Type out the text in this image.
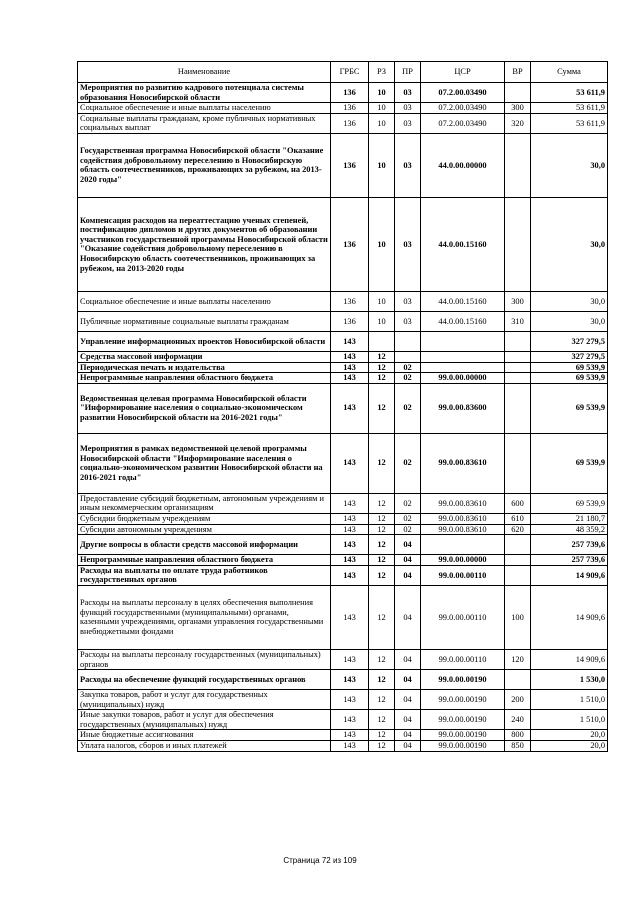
Наименование	ГРБС	РЗ	ПР	ЦСР	ВР	Сумма
Мероприятия по развитию кадрового потенциала системы образования Новосибирской области	136	10	03	07.2.00.03490		53 611,9
Социальное обеспечение и иные выплаты населению	136	10	03	07.2.00.03490	300	53 611,9
Социальные выплаты гражданам, кроме публичных нормативных социальных выплат	136	10	03	07.2.00.03490	320	53 611,9
Государственная программа Новосибирской области "Оказание содействия добровольному переселению в Новосибирскую область соотечественников, проживающих за рубежом, на 2013-2020 годы"	136	10	03	44.0.00.00000		30,0
Компенсация расходов на переаттестацию ученых степеней, постификацию дипломов и других документов об образовании участников государственной программы Новосибирской области "Оказание содействия добровольному переселению в Новосибирскую область соотечественников, проживающих за рубежом, на 2013-2020 годы	136	10	03	44.0.00.15160		30,0
Социальное обеспечение и иные выплаты населению	136	10	03	44.0.00.15160	300	30,0
Публичные нормативные социальные выплаты гражданам	136	10	03	44.0.00.15160	310	30,0
Управление информационных проектов Новосибирской области	143					327 279,5
Средства массовой информации	143	12				327 279,5
Периодическая печать и издательства	143	12	02			69 539,9
Непрограммные направления областного бюджета	143	12	02	99.0.00.00000		69 539,9
Ведомственная целевая программа Новосибирской области "Информирование населения о социально-экономическом развитии Новосибирской области на 2016-2021 годы"	143	12	02	99.0.00.83600		69 539,9
Мероприятия в рамках ведомственной целевой программы Новосибирской области "Информирование населения о социально-экономическом развитии Новосибирской области на 2016-2021 годы"	143	12	02	99.0.00.83610		69 539,9
Предоставление субсидий бюджетным, автономным учреждениям и иным некоммерческим организациям	143	12	02	99.0.00.83610	600	69 539,9
Субсидии бюджетным учреждениям	143	12	02	99.0.00.83610	610	21 180,7
Субсидии автономным учреждениям	143	12	02	99.0.00.83610	620	48 359,2
Другие вопросы в области средств массовой информации	143	12	04			257 739,6
Непрограммные направления областного бюджета	143	12	04	99.0.00.00000		257 739,6
Расходы на выплаты по оплате труда работников государственных органов	143	12	04	99.0.00.00110		14 909,6
Расходы на выплаты персоналу в целях обеспечения выполнения функций государственными (муниципальными) органами, казенными учреждениями, органами управления государственными внебюджетными фондами	143	12	04	99.0.00.00110	100	14 909,6
Расходы на выплаты персоналу государственных (муниципальных) органов	143	12	04	99.0.00.00110	120	14 909,6
Расходы на обеспечение функций государственных органов	143	12	04	99.0.00.00190		1 530,0
Закупка товаров, работ и услуг для государственных (муниципальных) нужд	143	12	04	99.0.00.00190	200	1 510,0
Иные закупки товаров, работ и услуг для обеспечения государственных (муниципальных) нужд	143	12	04	99.0.00.00190	240	1 510,0
Иные бюджетные ассигнования	143	12	04	99.0.00.00190	800	20,0
Уплата налогов, сборов и иных платежей	143	12	04	99.0.00.00190	850	20,0
Страница 72 из 109
